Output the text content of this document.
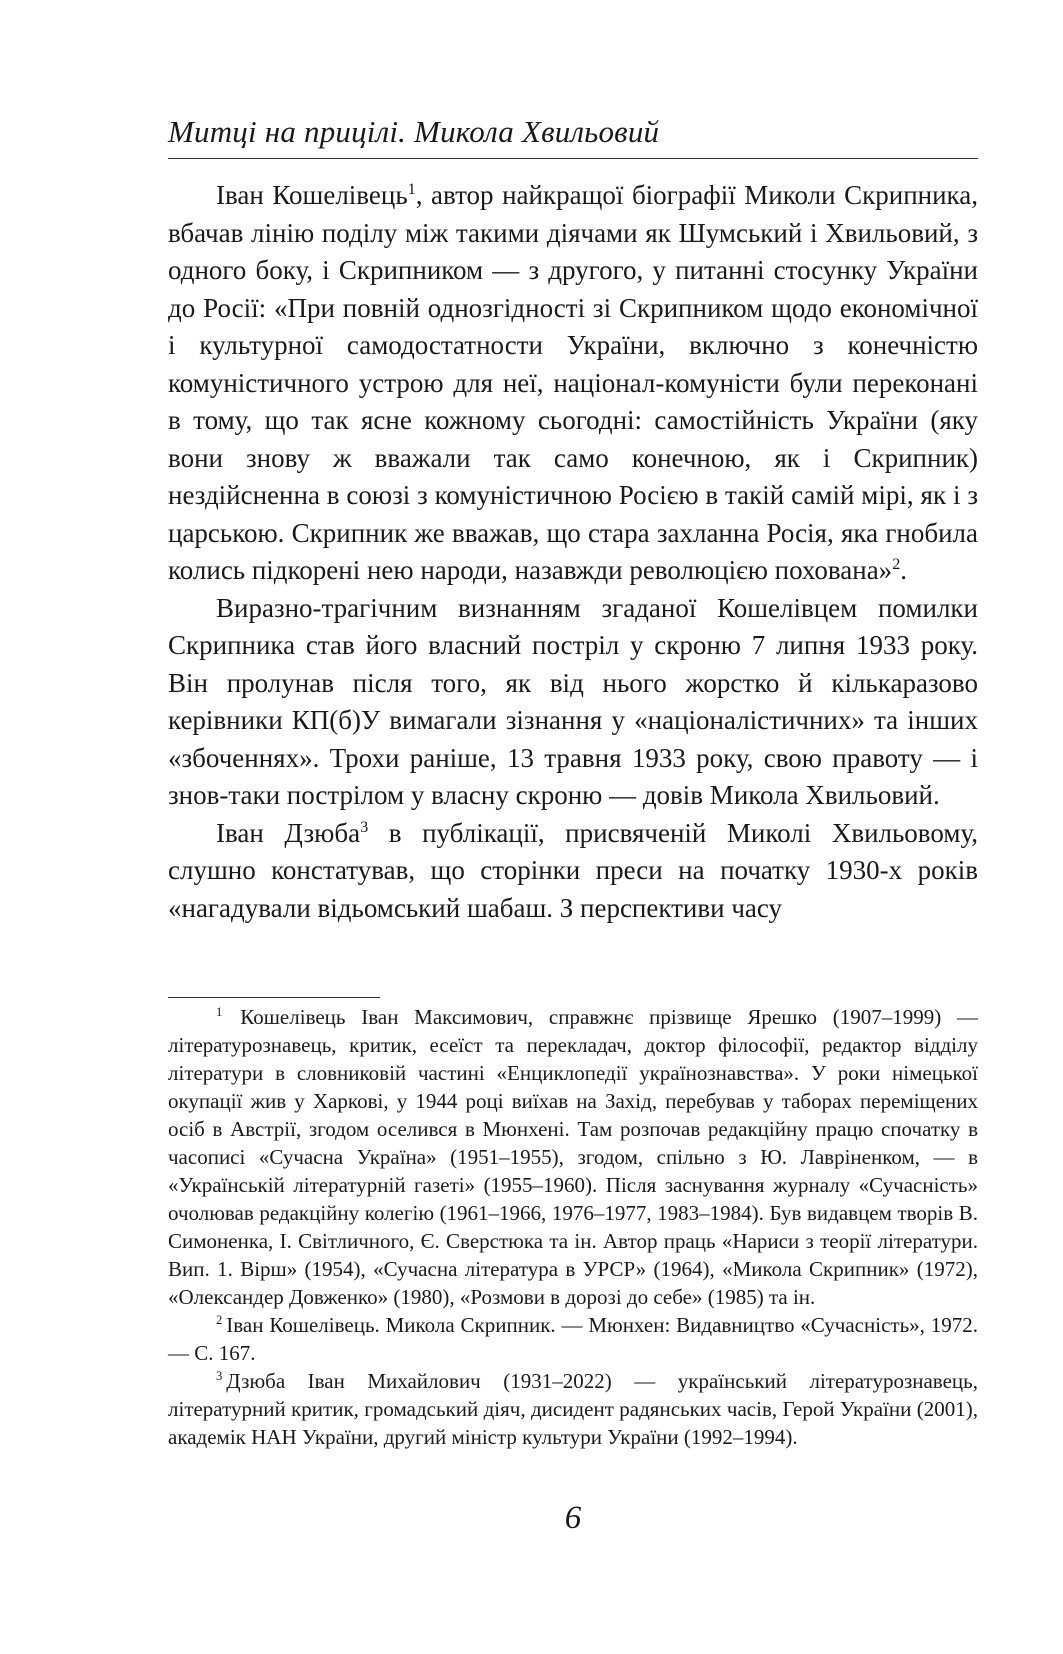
Митці на прицілі. Микола Хвильовий

Іван Кошелівець$^1$, автор найкращої біографії Миколи Скрипника, вбачав лінію поділу між такими діячами як Шумський і Хвильовий, з одного боку, і Скрипником — з другого, у питанні стосунку України до Росії: «При повній однозгідності зі Скрипником щодо економічної і культурної самодостатности України, включно з конечністю комуністичного устрою для неї, націонал-комуністи були переконані в тому, що так ясне кожному сьогодні: самостійність України (яку вони знову ж вважали так само конечною, як і Скрипник) нездійсненна в союзі з комуністичною Росією в такій самій мірі, як і з царською. Скрипник же вважав, що стара захланна Росія, яка гнобила колись підкорені нею народи, назавжди революцією похована»$^2$.

Виразно-трагічним визнанням згаданої Кошелівцем помилки Скрипника став його власний постріл у скроню 7 липня 1933 року. Він пролунав після того, як від нього жорстко й кількаразово керівники КП(б)У вимагали зізнання у «націоналістичних» та інших «збоченнях». Трохи раніше, 13 травня 1933 року, свою правоту — і знов-таки пострілом у власну скроню — довів Микола Хвильовий.

Іван Дзюба$^3$ в публікації, присвяченій Миколі Хвильовому, слушно констатував, що сторінки преси на початку 1930-х років «нагадували відьомський шабаш. З перспективи часу

$^1$ Кошелівець Іван Максимович, справжнє прізвище Ярешко (1907–1999) — літературознавець, критик, есеїст та перекладач, доктор філософії, редактор відділу літератури в словниковій частині «Енциклопедії українознавства». У роки німецької окупації жив у Харкові, у 1944 році виїхав на Захід, перебував у таборах переміщених осіб в Австрії, згодом оселився в Мюнхені. Там розпочав редакційну працю спочатку в часописі «Сучасна Україна» (1951–1955), згодом, спільно з Ю. Лавріненком, — в «Українській літературній газеті» (1955–1960). Після заснування журналу «Сучасність» очолював редакційну колегію (1961–1966, 1976–1977, 1983–1984). Був видавцем творів В. Симоненка, І. Світличного, Є. Сверстюка та ін. Автор праць «Нариси з теорії літератури. Вип. 1. Вірш» (1954), «Сучасна література в УРСР» (1964), «Микола Скрипник» (1972), «Олександер Довженко» (1980), «Розмови в дорозі до себе» (1985) та ін.

$^2$ Іван Кошелівець. Микола Скрипник. — Мюнхен: Видавництво «Сучасність», 1972. — С. 167.

$^3$ Дзюба Іван Михайлович (1931–2022) — український літературознавець, літературний критик, громадський діяч, дисидент радянських часів, Герой України (2001), академік НАН України, другий міністр культури України (1992–1994).

6
